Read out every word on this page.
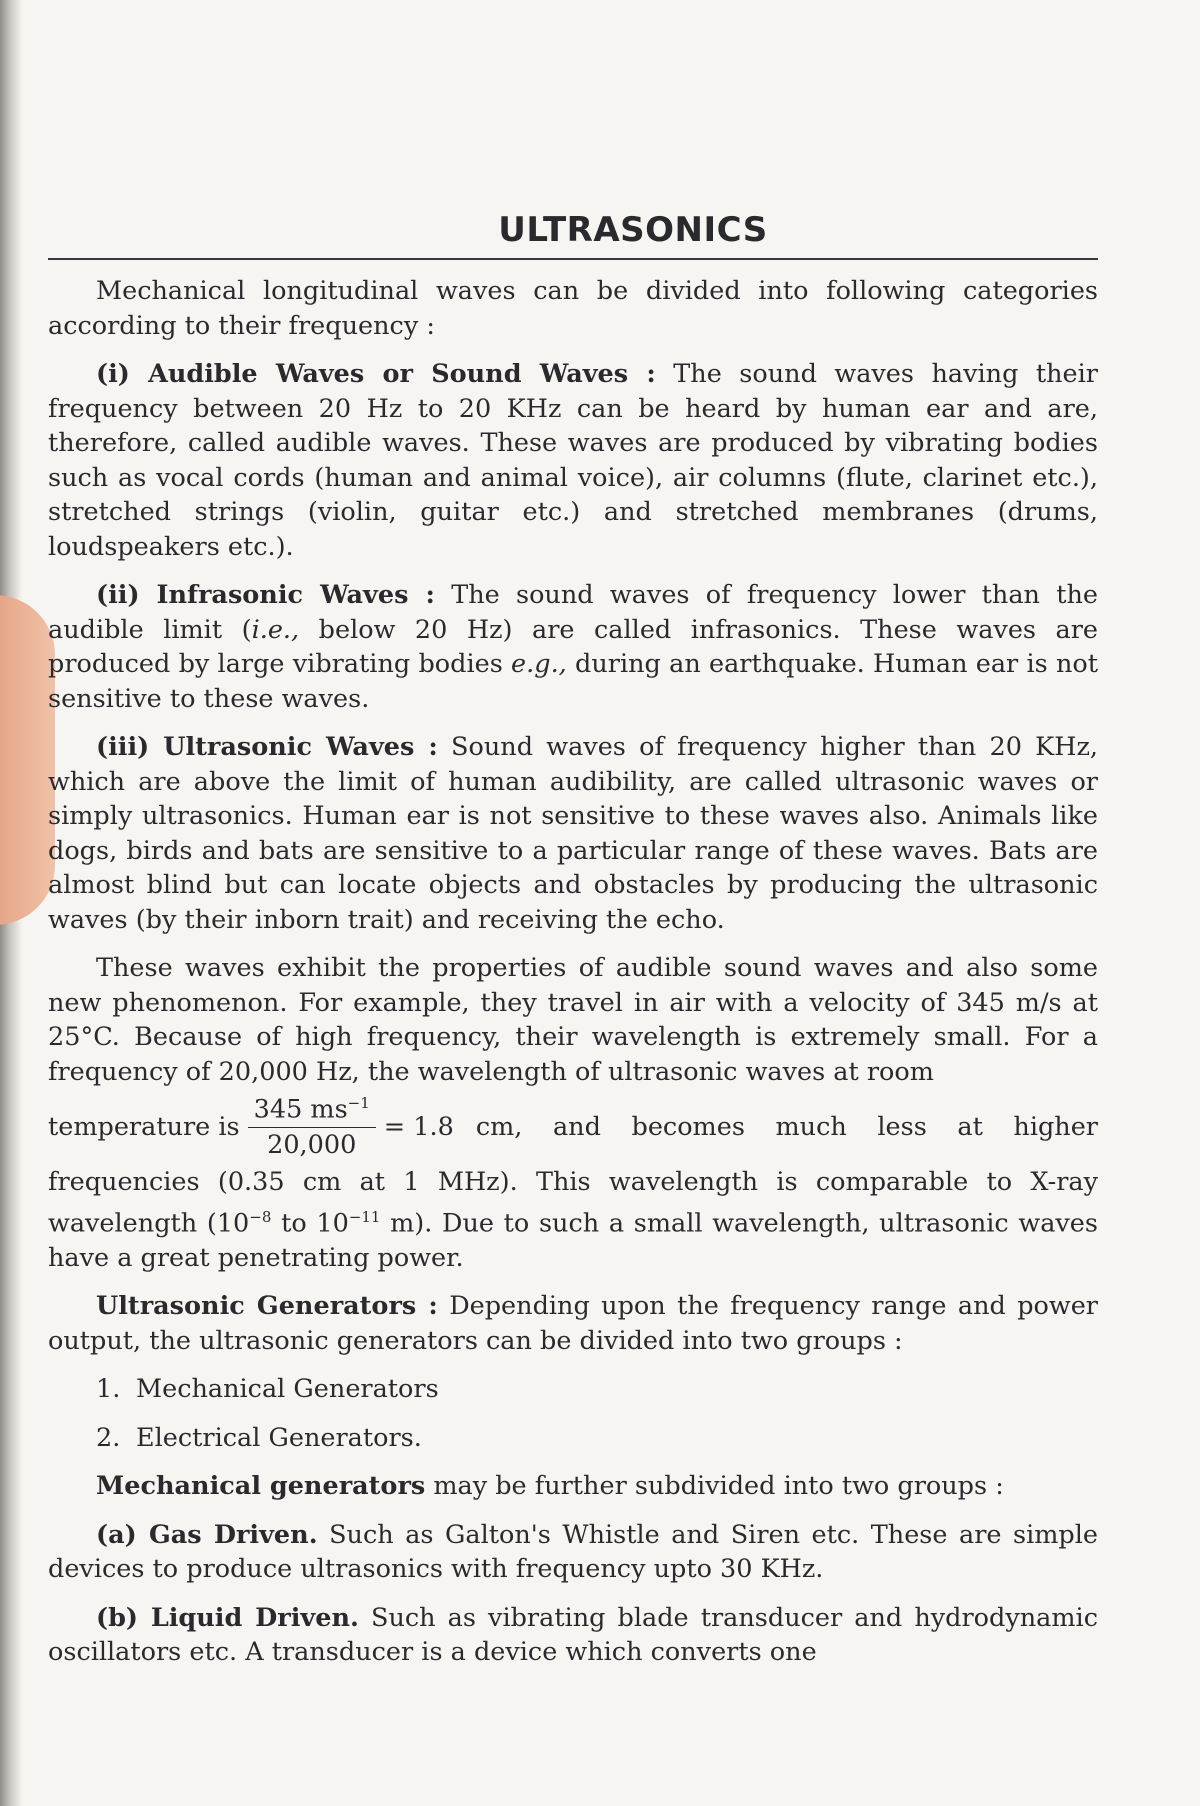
ULTRASONICS

Mechanical longitudinal waves can be divided into following categories according to their frequency :

(i) Audible Waves or Sound Waves : The sound waves having their frequency between 20 Hz to 20 KHz can be heard by human ear and are, therefore, called audible waves. These waves are produced by vibrating bodies such as vocal cords (human and animal voice), air columns (flute, clarinet etc.), stretched strings (violin, guitar etc.) and stretched membranes (drums, loudspeakers etc.).

(ii) Infrasonic Waves : The sound waves of frequency lower than the audible limit (i.e., below 20 Hz) are called infrasonics. These waves are produced by large vibrating bodies e.g., during an earthquake. Human ear is not sensitive to these waves.

(iii) Ultrasonic Waves : Sound waves of frequency higher than 20 KHz, which are above the limit of human audibility, are called ultrasonic waves or simply ultrasonics. Human ear is not sensitive to these waves also. Animals like dogs, birds and bats are sensitive to a particular range of these waves. Bats are almost blind but can locate objects and obstacles by producing the ultrasonic waves (by their inborn trait) and receiving the echo.

These waves exhibit the properties of audible sound waves and also some new phenomenon. For example, they travel in air with a velocity of 345 m/s at 25°C. Because of high frequency, their wavelength is extremely small. For a frequency of 20,000 Hz, the wavelength of ultrasonic waves at room

temperature is $\frac{345 ms^{-1}}{20,000} = 1.8$ cm, and becomes much less at higher

frequencies (0.35 cm at 1 MHz). This wavelength is comparable to X-ray wavelength ($10^{-8}$ to $10^{-11}$ m). Due to such a small wavelength, ultrasonic waves have a great penetrating power.

Ultrasonic Generators : Depending upon the frequency range and power output, the ultrasonic generators can be divided into two groups :

1. Mechanical Generators
2. Electrical Generators.

Mechanical generators may be further subdivided into two groups :

(a) Gas Driven. Such as Galton's Whistle and Siren etc. These are simple devices to produce ultrasonics with frequency upto 30 KHz.

(b) Liquid Driven. Such as vibrating blade transducer and hydrodynamic oscillators etc. A transducer is a device which converts one
